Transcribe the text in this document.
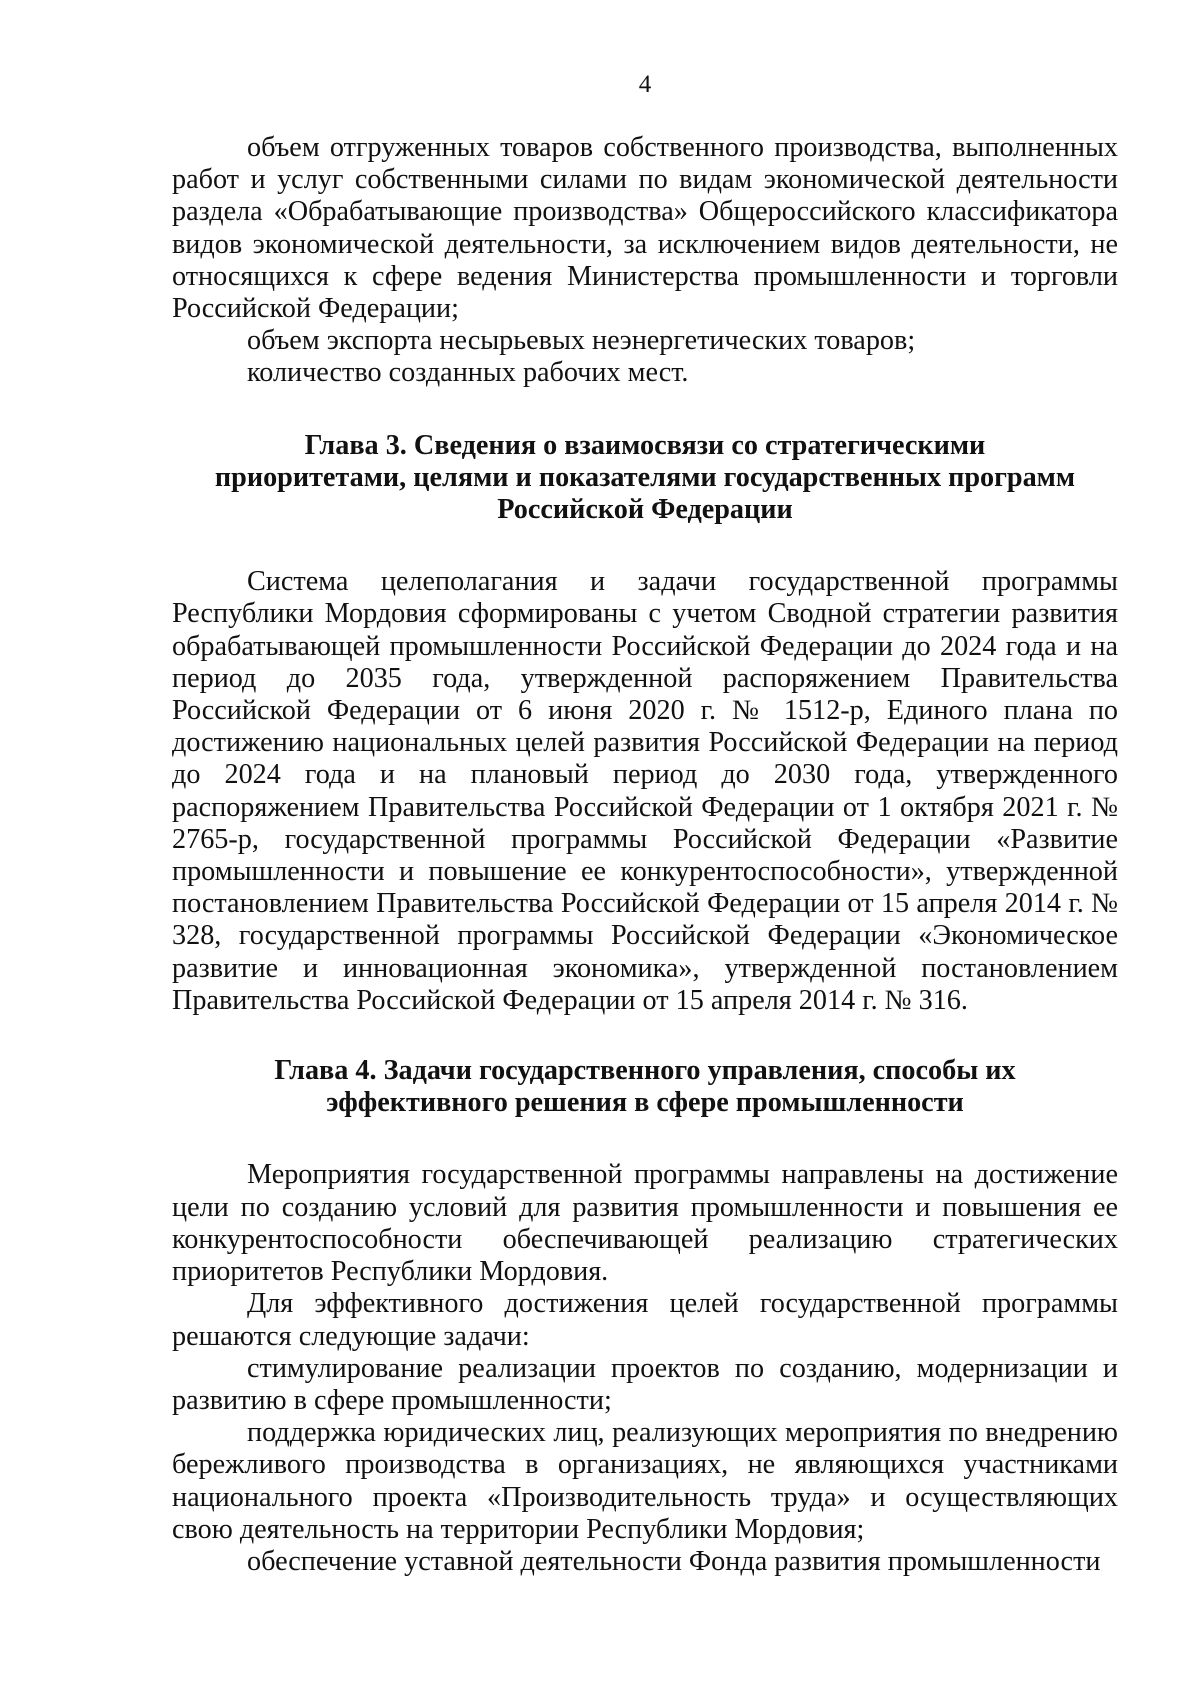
4

объем отгруженных товаров собственного производства, выполненных работ и услуг собственными силами по видам экономической деятельности раздела «Обрабатывающие производства» Общероссийского классификатора видов экономической деятельности, за исключением видов деятельности, не относящихся к сфере ведения Министерства промышленности и торговли Российской Федерации;

объем экспорта несырьевых неэнергетических товаров;

количество созданных рабочих мест.

Глава 3. Сведения о взаимосвязи со стратегическими
приоритетами, целями и показателями государственных программ
Российской Федерации

Система целеполагания и задачи государственной программы Республики Мордовия сформированы с учетом Сводной стратегии развития обрабатывающей промышленности Российской Федерации до 2024 года и на период до 2035 года, утвержденной распоряжением Правительства Российской Федерации от 6 июня 2020 г. № 1512-р, Единого плана по достижению национальных целей развития Российской Федерации на период до 2024 года и на плановый период до 2030 года, утвержденного распоряжением Правительства Российской Федерации от 1 октября 2021 г. № 2765-р, государственной программы Российской Федерации «Развитие промышленности и повышение ее конкурентоспособности», утвержденной постановлением Правительства Российской Федерации от 15 апреля 2014 г. № 328, государственной программы Российской Федерации «Экономическое развитие и инновационная экономика», утвержденной постановлением Правительства Российской Федерации от 15 апреля 2014 г. № 316.

Глава 4. Задачи государственного управления, способы их
эффективного решения в сфере промышленности

Мероприятия государственной программы направлены на достижение цели по созданию условий для развития промышленности и повышения ее конкурентоспособности обеспечивающей реализацию стратегических приоритетов Республики Мордовия.

Для эффективного достижения целей государственной программы решаются следующие задачи:

стимулирование реализации проектов по созданию, модернизации и развитию в сфере промышленности;

поддержка юридических лиц, реализующих мероприятия по внедрению бережливого производства в организациях, не являющихся участниками национального проекта «Производительность труда» и осуществляющих свою деятельность на территории Республики Мордовия;

обеспечение уставной деятельности Фонда развития промышленности
